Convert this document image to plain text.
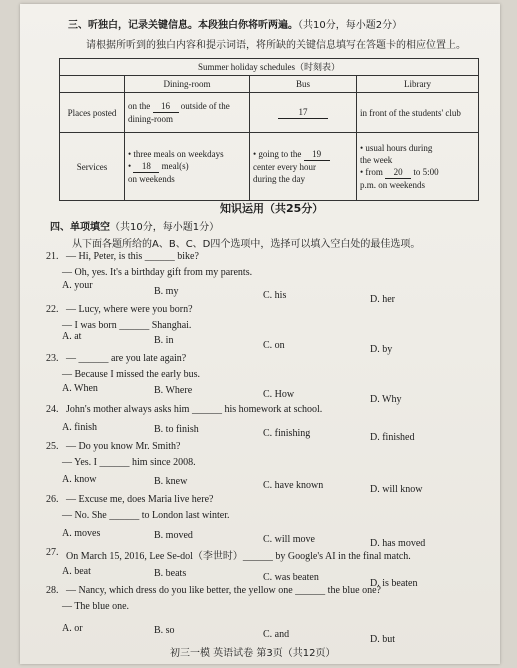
三、听独白，记录关键信息。本段独白你将听两遍。（共10分，每小题2分）
请根据所听到的独白内容和提示词语，将所缺的关键信息填写在答题卡的相应位置上。
Summer holiday schedules（时刻表）			
	Dining-room	Bus	Library
Places posted	on the 16 outside of the
dining-room	17	in front of the students' club
Services	• three meals on weekdays
• 18 meal(s)
on weekends	• going to the 19
center every hour
during the day	• usual hours during
the week
• from 20 to 5:00
p.m. on weekends
知识运用（共25分）
四、单项填空（共10分，每小题1分）
从下面各题所给的A、B、C、D四个选项中，选择可以填入空白处的最佳选项。
21. — Hi, Peter, is this ______ bike?
— Oh, yes. It's a birthday gift from my parents.
A. your
B. my	C. his	D. her
22. — Lucy, where were you born?
— I was born ______ Shanghai.
A. at	B. in	C. on	D. by
23. — ______ are you late again?
— Because I missed the early bus.
A. When	B. Where	C. How	D. Why
24. John's mother always asks him ______ his homework at school.
A. finish	B. to finish	C. finishing	D. finished
25. — Do you know Mr. Smith?
— Yes. I ______ him since 2008.
A. know	B. knew	C. have known	D. will know
26. — Excuse me, does Maria live here?
— No. She ______ to London last winter.
A. moves	B. moved	C. will move	D. has moved
27. On March 15, 2016, Lee Se-dol（李世时）______ by Google's AI in the final match.
A. beat	B. beats	C. was beaten
D. is beaten
28. — Nancy, which dress do you like better, the yellow one ______ the blue one?
— The blue one.
A. or	B. so	C. and	D. but
初三一模 英语试卷 第3页（共12页）
